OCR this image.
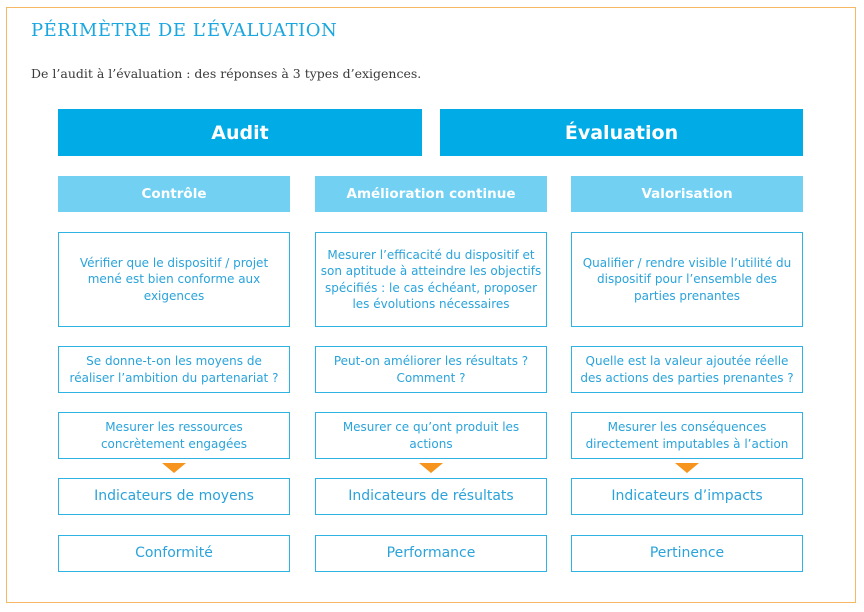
PÉRIMÈTRE DE L’ÉVALUATION
De l’audit à l’évaluation : des réponses à 3 types d’exigences.
Audit	Évaluation
Contrôle
Vérifier que le dispositif / projet mené est bien conforme aux exigences
Se donne-t-on les moyens de réaliser l’ambition du partenariat ?
Mesurer les ressources concrètement engagées
Indicateurs de moyens
Conformité
Amélioration continue
Mesurer l’efficacité du dispositif et son aptitude à atteindre les objectifs spécifiés : le cas échéant, proposer les évolutions nécessaires
Peut-on améliorer les résultats ? Comment ?
Mesurer ce qu’ont produit les actions
Indicateurs de résultats
Performance
Valorisation
Qualifier / rendre visible l’utilité du dispositif pour l’ensemble des parties prenantes
Quelle est la valeur ajoutée réelle des actions des parties prenantes ?
Mesurer les conséquences directement imputables à l’action
Indicateurs d’impacts
Pertinence
